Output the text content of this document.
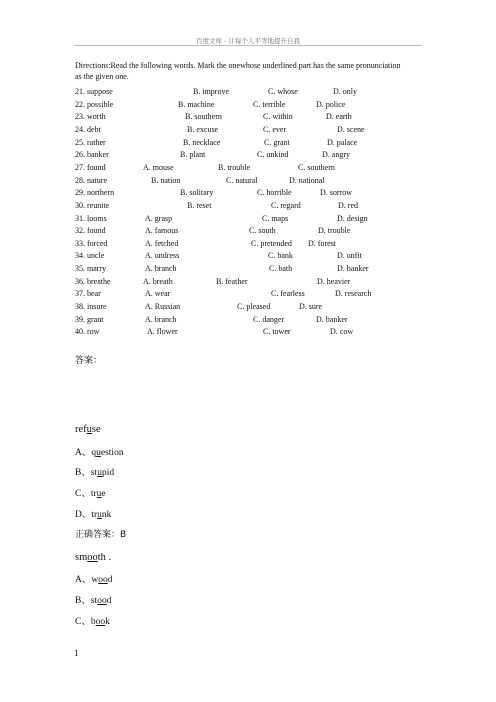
百度文库 - 让每个人平等地提升自我
Directions:Read the following words. Mark the onewhose underlined part has the same pronunciation as the given one.
21. suppose	B. improve	C. whose	D. only
22. possible	B. machine	C. terrible	D. police
23. worth	B. southern	C. within	D. earth
24. debt	B. excuse	C. ever	D. scene
25. rather	B. necklace	C. grant	D. palace
26. banker	B. plant	C. unkind	D. angry
27. found	A. mouse	B. trouble	C. southern
28. nature	B. nation	C. natural	D. national
29. northern	B. solitary	C. horrible	D. sorrow
30. reunite	B. reset	C. regard	D. red
31. looms	A. grasp	C. maps	D. design
32. found	A. famous	C. south	D. trouble
33. forced	A. fetched	C. pretended D. forest
34. uncle	A. undress	C. bank	D. unfit
35. marry	A. branch	C. bath	D. banker
36. breathe	A. breath	B. feather	D. heavier
37. bear	A. wear	C. fearless	D. research
38. insure	A. Russian	C. pleased	D. sure
39. grant	A. branch	C. danger	D. banker
40. row	A. flower	C. tower	D. cow
答案：
refuse
A、question
B、stupid
C、true
D、trunk
正确答案：B
smooth .
A、wood
B、stood
C、book
1
